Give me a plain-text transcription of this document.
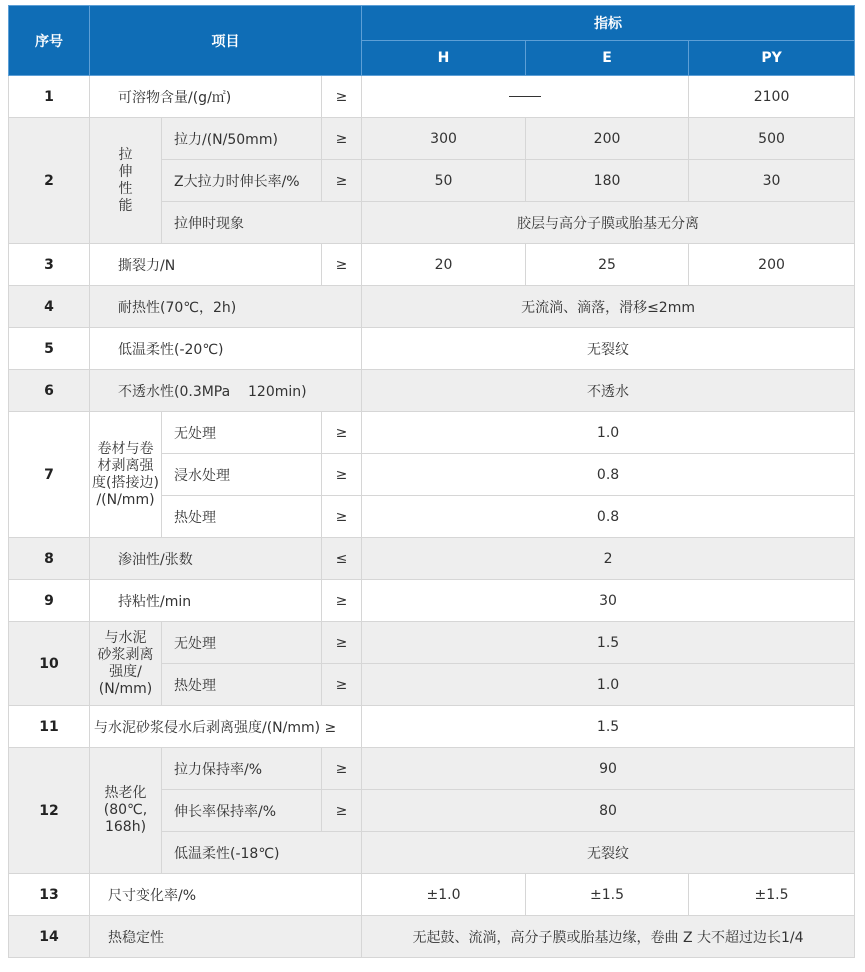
序号	项目			指标		
				H	E	PY
1	可溶物含量/(g/㎡)		≥			2100
2	拉
伸
性
能	拉力/(N/50mm)	≥	300	200	500
		Z大拉力时伸长率/%	≥	50	180	30
		拉伸时现象		胶层与高分子膜或胎基无分离		
3	撕裂力/N		≥	20	25	200
4	耐热性(70℃，2h)			无流淌、滴落，滑移≤2mm		
5	低温柔性(-20℃)			无裂纹		
6	不透水性(0.3MPa    120min)			不透水		
7	卷材与卷
材剥离强
度(搭接边)
/(N/mm)	无处理	≥	1.0		
		浸水处理	≥	0.8		
		热处理	≥	0.8		
8	渗油性/张数		≤	2		
9	持粘性/min		≥	30		
10	与水泥
砂浆剥离
强度/
(N/mm)	无处理	≥	1.5		
		热处理	≥	1.0		
11	与水泥砂浆侵水后剥离强度/(N/mm) ≥			1.5		
12	热老化
(80℃,
168h)	拉力保持率/%	≥	90		
		伸长率保持率/%	≥	80		
		低温柔性(-18℃)		无裂纹		
13	尺寸变化率/%			±1.0	±1.5	±1.5
14	热稳定性			无起鼓、流淌，高分子膜或胎基边缘，卷曲 Z 大不超过边长1/4		
